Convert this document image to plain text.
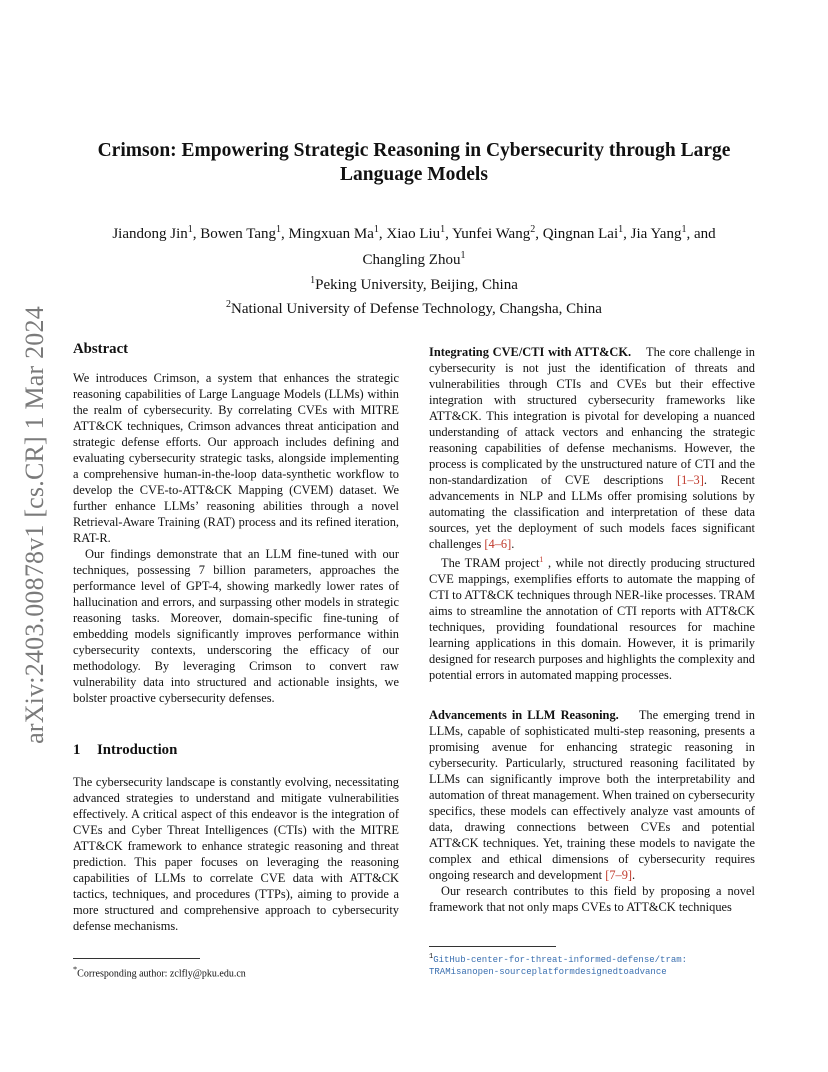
arXiv:2403.00878v1 [cs.CR] 1 Mar 2024
Crimson: Empowering Strategic Reasoning in Cybersecurity through Large Language Models
Jiandong Jin$^1$, Bowen Tang$^1$, Mingxuan Ma$^1$, Xiao Liu$^1$, Yunfei Wang$^2$, Qingnan Lai$^1$, Jia Yang$^1$, and
Changling Zhou$^1$
$^1$Peking University, Beijing, China
$^2$National University of Defense Technology, Changsha, China
Abstract

We introduces Crimson, a system that enhances the strategic reasoning capabilities of Large Language Models (LLMs) within the realm of cybersecurity. By correlating CVEs with MITRE ATT&CK techniques, Crimson advances threat anticipation and strategic defense efforts. Our approach includes defining and evaluating cybersecurity strategic tasks, alongside implementing a comprehensive human-in-the-loop data-synthetic workflow to develop the CVE-to-ATT&CK Mapping (CVEM) dataset. We further enhance LLMs’ reasoning abilities through a novel Retrieval-Aware Training (RAT) process and its refined iteration, RAT-R.

Our findings demonstrate that an LLM fine-tuned with our techniques, possessing 7 billion parameters, approaches the performance level of GPT-4, showing markedly lower rates of hallucination and errors, and surpassing other models in strategic reasoning tasks. Moreover, domain-specific fine-tuning of embedding models significantly improves performance within cybersecurity contexts, underscoring the efficacy of our methodology. By leveraging Crimson to convert raw vulnerability data into structured and actionable insights, we bolster proactive cybersecurity defenses.

1 Introduction

The cybersecurity landscape is constantly evolving, necessitating advanced strategies to understand and mitigate vulnerabilities effectively. A critical aspect of this endeavor is the integration of CVEs and Cyber Threat Intelligences (CTIs) with the MITRE ATT&CK framework to enhance strategic reasoning and threat prediction. This paper focuses on leveraging the reasoning capabilities of LLMs to correlate CVE data with ATT&CK tactics, techniques, and procedures (TTPs), aiming to provide a more structured and comprehensive approach to cybersecurity defense mechanisms.

Integrating CVE/CTI with ATT&CK. The core challenge in cybersecurity is not just the identification of threats and vulnerabilities through CTIs and CVEs but their effective integration with structured cybersecurity frameworks like ATT&CK. This integration is pivotal for developing a nuanced understanding of attack vectors and enhancing the strategic reasoning capabilities of defense mechanisms. However, the process is complicated by the unstructured nature of CTI and the non-standardization of CVE descriptions [1–3]. Recent advancements in NLP and LLMs offer promising solutions by automating the classification and interpretation of these data sources, yet the deployment of such models faces significant challenges [4–6].

The TRAM project$^1$ , while not directly producing structured CVE mappings, exemplifies efforts to automate the mapping of CTI to ATT&CK techniques through NER-like processes. TRAM aims to streamline the annotation of CTI reports with ATT&CK techniques, providing foundational resources for machine learning applications in this domain. However, it is primarily designed for research purposes and highlights the complexity and potential errors in automated mapping processes.

Advancements in LLM Reasoning. The emerging trend in LLMs, capable of sophisticated multi-step reasoning, presents a promising avenue for enhancing strategic reasoning in cybersecurity. Particularly, structured reasoning facilitated by LLMs can significantly improve both the interpretability and automation of threat management. When trained on cybersecurity specifics, these models can effectively analyze vast amounts of data, drawing connections between CVEs and potential ATT&CK techniques. Yet, training these models to navigate the complex and ethical dimensions of cybersecurity requires ongoing research and development [7–9].

Our research contributes to this field by proposing a novel framework that not only maps CVEs to ATT&CK techniques

*Corresponding author: zclfly@pku.edu.cn
$^1$GitHub-center-for-threat-informed-defense/tram:
TRAMisanopen-sourceplatformdesignedtoadvance
